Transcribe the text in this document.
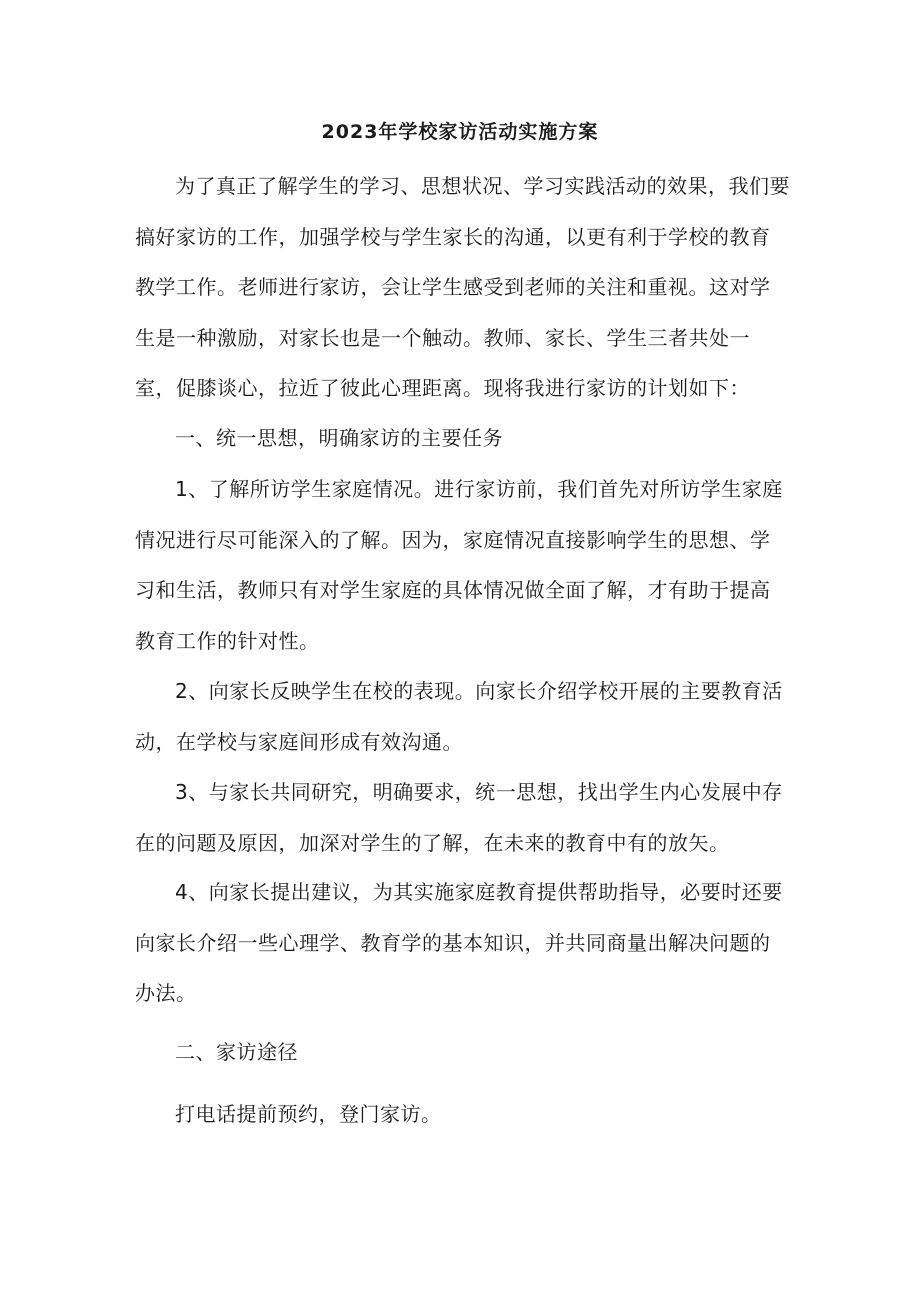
2023年学校家访活动实施方案

为了真正了解学生的学习、思想状况、学习实践活动的效果，我们要搞好家访的工作，加强学校与学生家长的沟通，以更有利于学校的教育教学工作。老师进行家访，会让学生感受到老师的关注和重视。这对学生是一种激励，对家长也是一个触动。教师、家长、学生三者共处一室，促膝谈心，拉近了彼此心理距离。现将我进行家访的计划如下：

一、统一思想，明确家访的主要任务

1、了解所访学生家庭情况。进行家访前，我们首先对所访学生家庭情况进行尽可能深入的了解。因为，家庭情况直接影响学生的思想、学习和生活，教师只有对学生家庭的具体情况做全面了解，才有助于提高教育工作的针对性。

2、向家长反映学生在校的表现。向家长介绍学校开展的主要教育活动，在学校与家庭间形成有效沟通。

3、与家长共同研究，明确要求，统一思想，找出学生内心发展中存在的问题及原因，加深对学生的了解，在未来的教育中有的放矢。

4、向家长提出建议，为其实施家庭教育提供帮助指导，必要时还要向家长介绍一些心理学、教育学的基本知识，并共同商量出解决问题的办法。

二、家访途径

打电话提前预约，登门家访。
